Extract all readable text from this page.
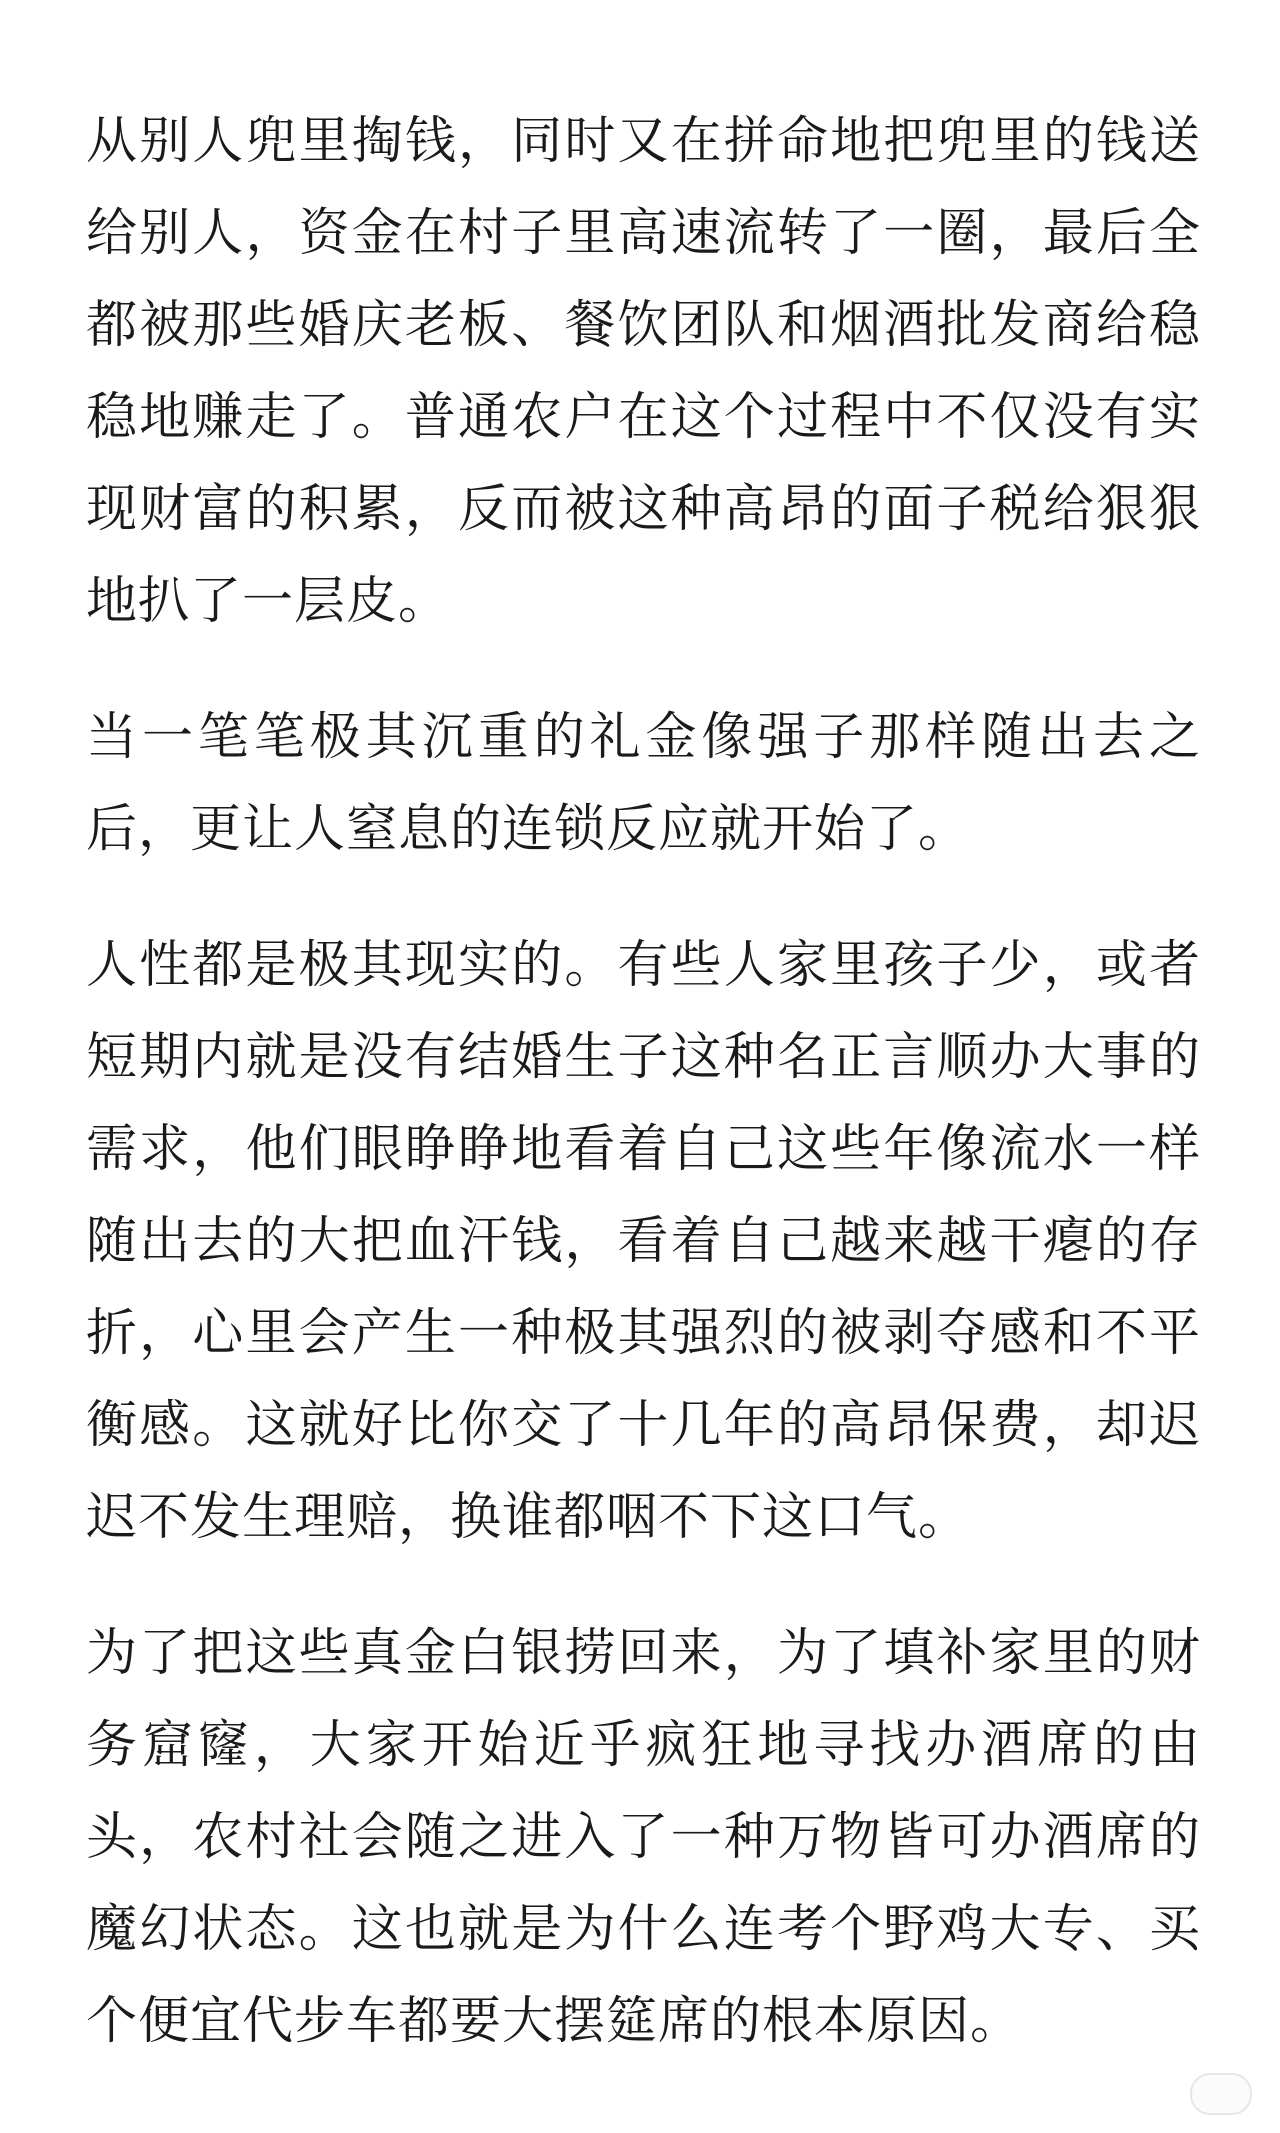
从别人兜里掏钱，同时又在拼命地把兜里的钱送给别人，资金在村子里高速流转了一圈，最后全都被那些婚庆老板、餐饮团队和烟酒批发商给稳稳地赚走了。普通农户在这个过程中不仅没有实现财富的积累，反而被这种高昂的面子税给狠狠地扒了一层皮。

当一笔笔极其沉重的礼金像强子那样随出去之后，更让人窒息的连锁反应就开始了。

人性都是极其现实的。有些人家里孩子少，或者短期内就是没有结婚生子这种名正言顺办大事的需求，他们眼睁睁地看着自己这些年像流水一样随出去的大把血汗钱，看着自己越来越干瘪的存折，心里会产生一种极其强烈的被剥夺感和不平衡感。这就好比你交了十几年的高昂保费，却迟迟不发生理赔，换谁都咽不下这口气。

为了把这些真金白银捞回来，为了填补家里的财务窟窿，大家开始近乎疯狂地寻找办酒席的由头，农村社会随之进入了一种万物皆可办酒席的魔幻状态。这也就是为什么连考个野鸡大专、买个便宜代步车都要大摆筵席的根本原因。
